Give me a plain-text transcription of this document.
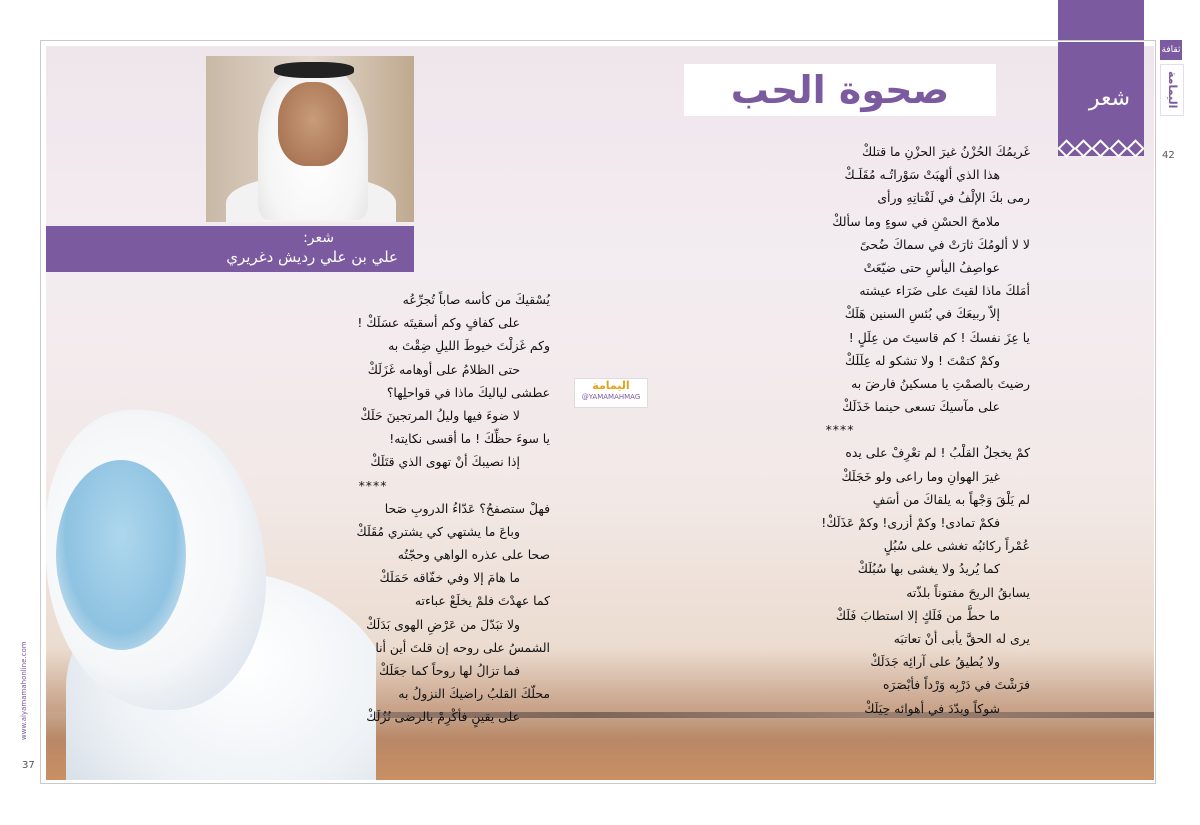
شعر
ثقافة
اليمامة
42
37
www.alyamamahonline.com
صحوة الحب
شعر:
علي بن علي رديش دغريري
اليمامة
@YAMAMAHMAG
غَريمُكَ الحُزْنُ غيرَ الحزْنِ ما قتلكْ
هذا الذي ألهبَتْ سَوْراتُـه مُقَلَـكْ
رمى بكَ الإلْفُ في لَفْتاتِهِ ورأى
ملامحَ الحسْنِ في سوءٍ وما سألكْ
لا لا ألومُكَ ثارَتْ في سماكَ ضُحىً
عواصِفُ اليأسِ حتى ضيّعَتْ
أمَلكَ ماذا لقيتَ على ضَرَاء عيشته
إلاّ ربيعَكَ في بُئسِ السنين هَلَكْ
يا عِزَ نفسكَ ! كم قاسيتَ من عِلَلٍ !
وكمْ كتمْتَ ! ولا تشكو له عِلَلَكْ
رضيتَ بالصمْتِ يا مسكينُ فارضَ به
على مآسيكَ تسعى حينما خَذَلَكْ
****
كمْ يخجلُ القلْبُ ! لم تعْرِفْ على يده
غيرَ الهوانِ وما راعى ولو خَجَلَكْ
لم يَلْقَ وَجْهاً به يلقاكَ من أسَفٍ
فكمْ تمادى! وكمْ أزرى! وكمْ عَذَلَكْ!
عُمْراً ركائبُه تغشى على سُبُلٍ
كما يُريدُ ولا يغشى بها سُبُلَكْ
يسابقُ الريحَ مفتوناً بلذّته
ما حطَّ من فَلَكٍ إلا استطابَ فَلَكْ
يرى له الحقَّ يأبى أنْ تعاتبَه
ولا يُطيقُ على آرائِه جَدَلَكْ
فرَشْتَ في دَرْبِه وَرْداً فأبْصَرَه
شوكاً وبدّدَ في أهوائه حِيَلَكْ
يُسْقيكَ من كأسه صاباً تُجرِّعُه
على كفافٍ وكم أسقيتَه عسَلَكْ !
وكم غَزلْتَ خيوطَ الليلِ ضِقْتَ به
حتى الظلامُ على أوهامه غَزَلَكْ
عطشى لياليكَ ماذا في قواحلِها؟
لا ضوءَ فيها وليلُ المرتجينَ حَلَكْ
يا سوءَ حظِّكَ ! ما أقسى نكايته!
إذا نصيبكَ أنْ تهوى الذي قتَلَكْ
****
فهلْ ستصفحُ؟ عَدّاءُ الدروبِ صَحا
وباعَ ما يشتهي كي يشتري مُقَلَكْ
صحا على عذره الواهي وحجّتُه
ما هامَ إلا وفي خفّاقه حَمَلَكْ
كما عهدْتَ فلمْ يخلَعْ عباءته
ولا تبَدّلَ من عَرْضِ الهوى بَدَلَكْ
الشمسُ على روحه إن قلتَ أين أنا
فما تزالُ لها روحاً كما جعَلَكْ
محلّكَ القلبُ راضيكَ النزولُ به
على يقينٍ فأكْرِمْ بالرضى نُزُلَكْ
